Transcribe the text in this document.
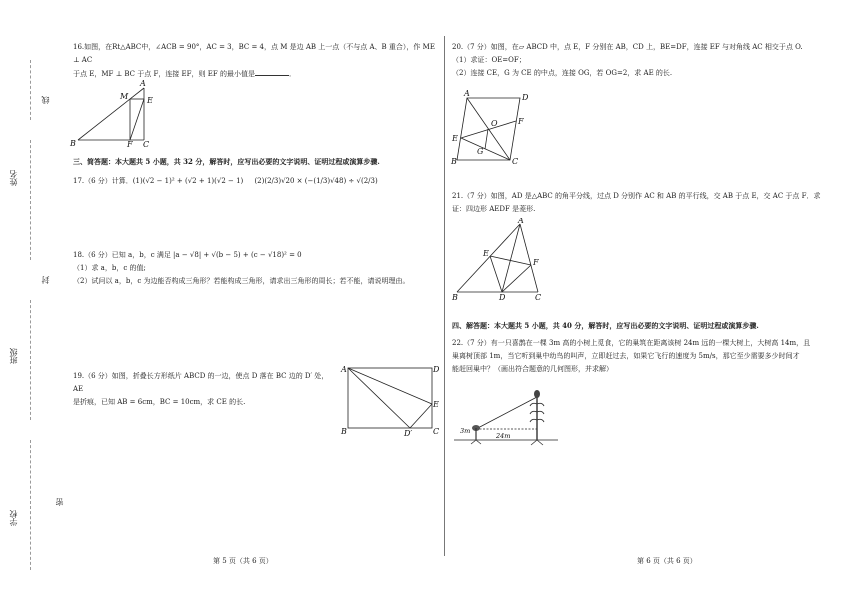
姓名
班级
学校
线
封
密

16.如图，在Rt△ABC中，∠ACB = 90°，AC = 3，BC = 4，点 M 是边 AB 上一点（不与点 A、B 重合），作 ME ⊥ AC

于点 E，MF ⊥ BC 于点 F，连接 EF，则 EF 的最小值是	．

A
M E
B	F C
三、简答题：本大题共 5 小题，共 32 分，解答时，应写出必要的文字说明、证明过程或演算步骤.

17.（6 分）计算．(1)(√2 − 1)² + (√2 + 1)(√2 − 1) (2)(2/3)√20 × (−(1/3)√48) ÷ √(2/3)

18.（6 分）已知 a，b，c 满足 |a − √8| + √(b − 5) + (c − √18)² = 0

（1）求 a，b，c 的值;

（2）试问以 a，b，c 为边能否构成三角形？若能构成三角形，请求出三角形的周长；若不能，请说明理由。

19.（6 分）如图，折叠长方形纸片 ABCD 的一边，使点 D 落在 BC 边的 D′ 处，AE

是折痕，已知 AB = 6cm，BC = 10cm，求 CE 的长.

A	D
E
B	D′	C
第 5 页（共 6 页）

20.（7 分）如图，在▱ ABCD 中，点 E，F 分别在 AB，CD 上，BE=DF，连接 EF 与对角线 AC 相交于点 O.

（1）求证：OE=OF；

（2）连接 CE，G 为 CE 的中点，连接 OG，若 OG=2，求 AE 的长.

A	D
O	F
E
G
B	C

21.（7 分）如图，AD 是△ABC 的角平分线，过点 D 分别作 AC 和 AB 的平行线，交 AB 于点 E，交 AC 于点 F．求

证：四边形 AEDF 是菱形.

A
E
F
B	D	C
四、解答题：本大题共 5 小题，共 40 分，解答时，应写出必要的文字说明、证明过程或演算步骤.

22.（7 分）有一只喜鹊在一棵 3m 高的小树上觅食，它的巢筑在距离该树 24m 远的一棵大树上，大树高 14m，且

巢离树顶部 1m，当它听到巢中幼鸟的叫声，立即赶过去，如果它飞行的速度为 5m/s，那它至少需要多少时间才

能赶回巢中？（画出符合题意的几何图形，并求解）

3m
24m
第 6 页（共 6 页）
